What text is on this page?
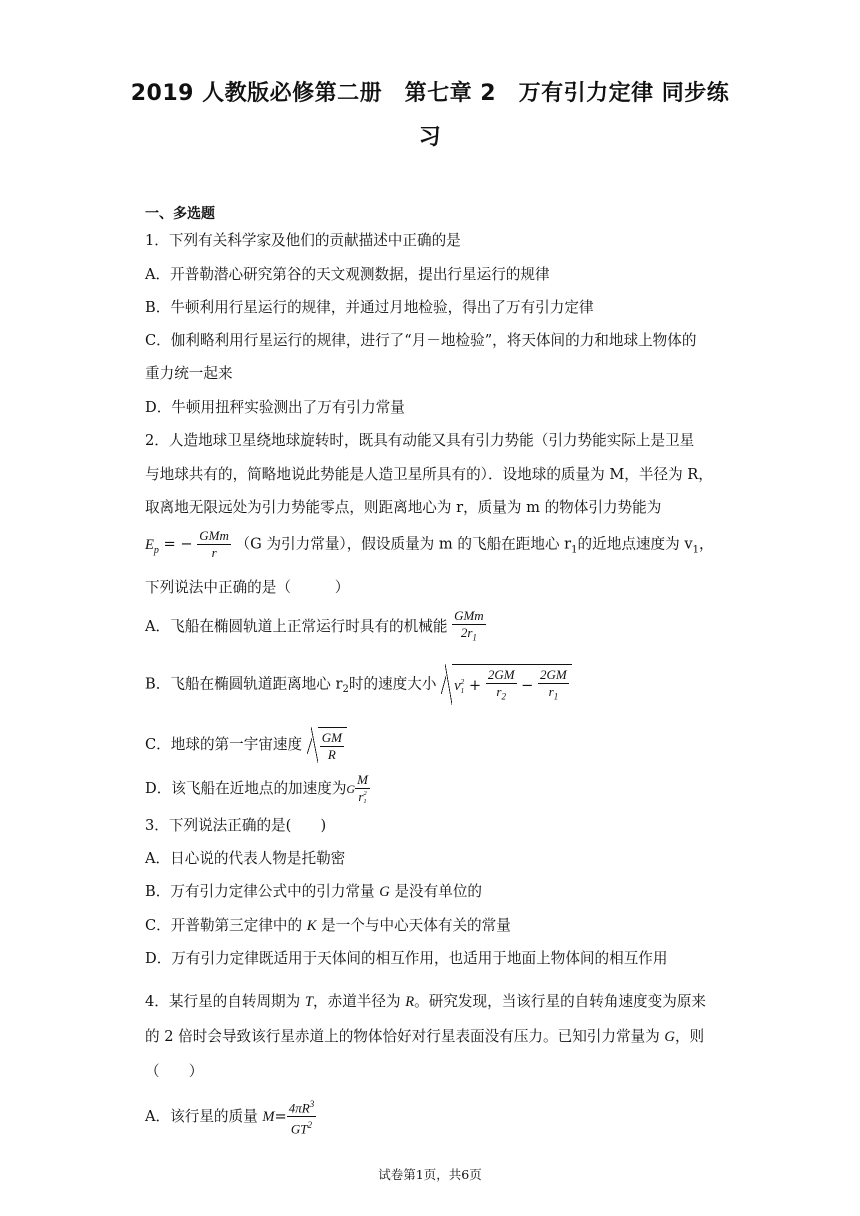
2019 人教版必修第二册　第七章 2　万有引力定律 同步练
习
一、多选题
1．下列有关科学家及他们的贡献描述中正确的是
A．开普勒潜心研究第谷的天文观测数据，提出行星运行的规律
B．牛顿利用行星运行的规律，并通过月地检验，得出了万有引力定律
C．伽利略利用行星运行的规律，进行了“月－地检验”，将天体间的力和地球上物体的
重力统一起来
D．牛顿用扭秤实验测出了万有引力常量
2．人造地球卫星绕地球旋转时，既具有动能又具有引力势能（引力势能实际上是卫星
与地球共有的，简略地说此势能是人造卫星所具有的）．设地球的质量为 M，半径为 R，
取离地无限远处为引力势能零点，则距离地心为 r，质量为 m 的物体引力势能为
$E_p$ = − $\frac{\text{GMm}}{r} (G$ 为引力常量），假设质量为 m 的飞船在距地心 $r_1$的近地点速度为 $v_1$，
下列说法中正确的是（　　　）
A．飞船在椭圆轨道上正常运行时具有的机械能 $\frac{\text{GMm}}{2r_1}$
B．飞船在椭圆轨道距离地心 $r_2$时的速度大小 v 2
$1 + \frac{2GM}{r_2} - \frac{2GM}{r_1}$
C．地球的第一宇宙速度 $\frac{GM}{R}$
D．该飞船在近地点的加速度为G M
r 2
1
3．下列说法正确的是(　　)
A．日心说的代表人物是托勒密
B．万有引力定律公式中的引力常量 G 是没有单位的
C．开普勒第三定律中的 K 是一个与中心天体有关的常量
D．万有引力定律既适用于天体间的相互作用，也适用于地面上物体间的相互作用
4．某行星的自转周期为 T，赤道半径为 R。研究发现，当该行星的自转角速度变为原来
的 2 倍时会导致该行星赤道上的物体恰好对行星表面没有压力。已知引力常量为 G，则
（　　）
A．该行星的质量 $M= \frac{4\pi R^3}{GT^2}$
试卷第1页，共6页
